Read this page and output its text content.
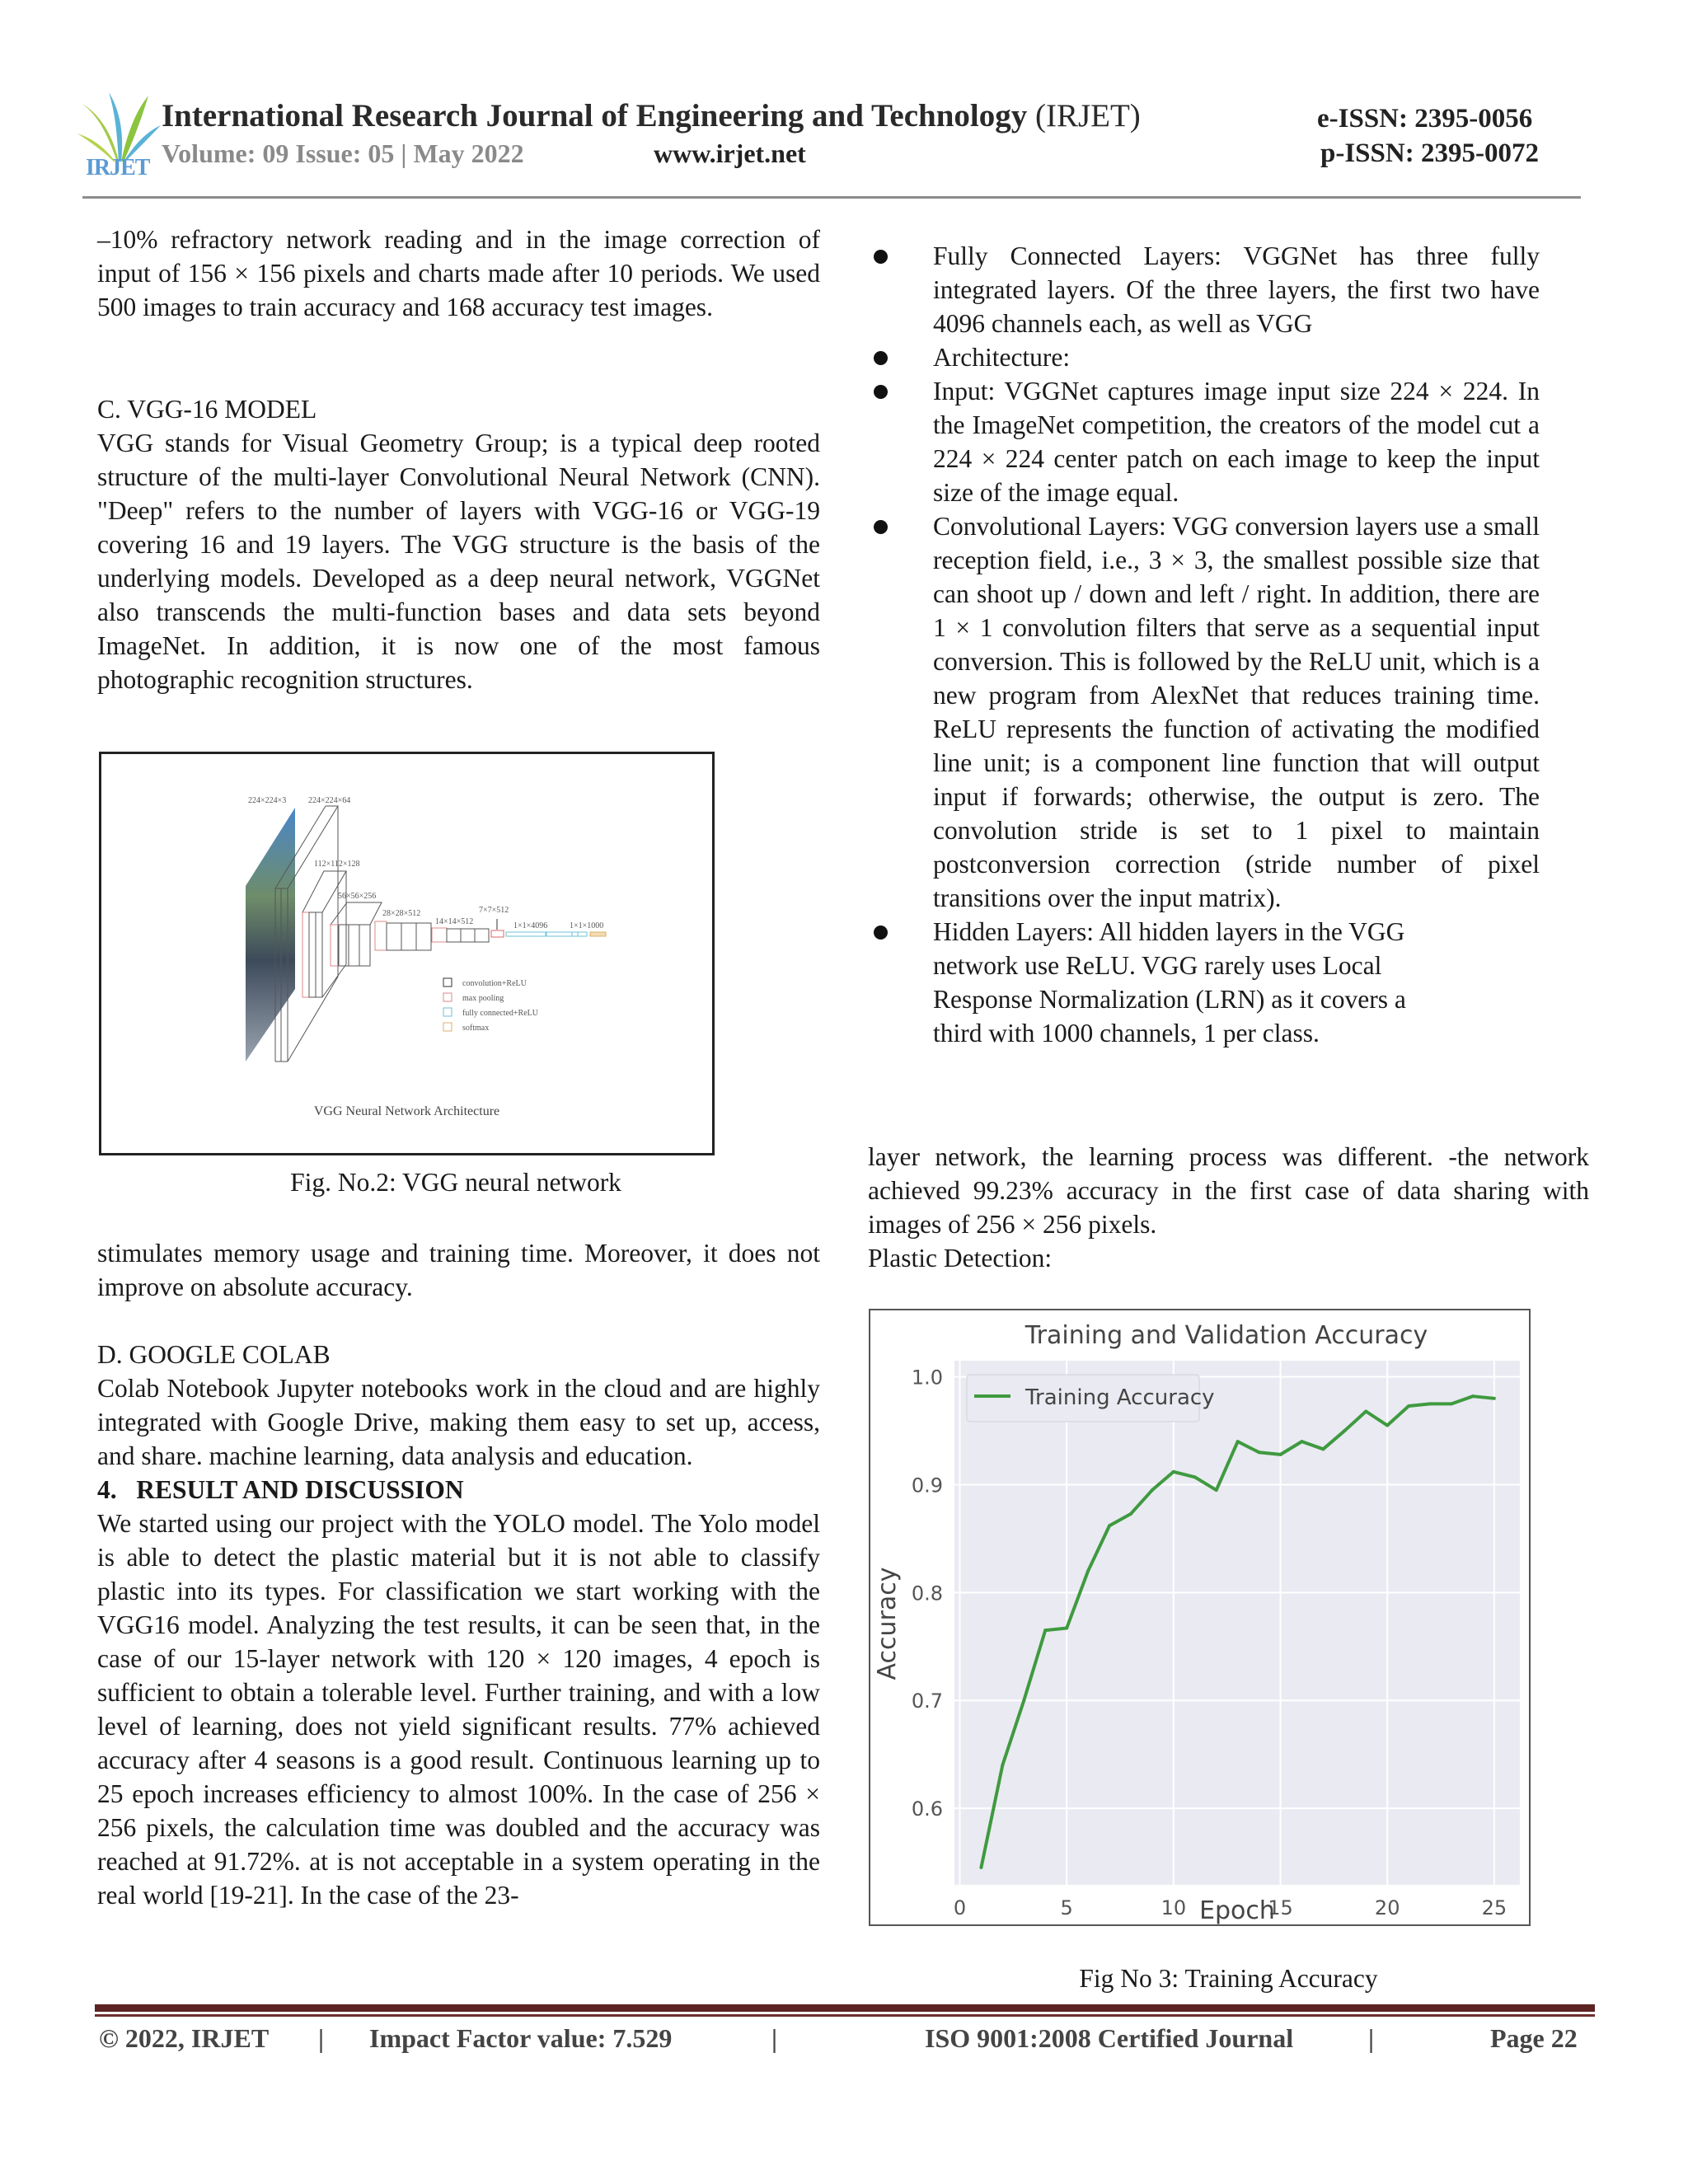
IRJET
International Research Journal of Engineering and Technology (IRJET)
Volume: 09 Issue: 05 | May 2022	www.irjet.net
e-ISSN: 2395-0056
p-ISSN: 2395-0072

–10% refractory network reading and in the image correction of input of 156 × 156 pixels and charts made after 10 periods. We used 500 images to train accuracy and 168 accuracy test images.

C. VGG-16 MODEL

VGG stands for Visual Geometry Group; is a typical deep rooted structure of the multi-layer Convolutional Neural Network (CNN). "Deep" refers to the number of layers with VGG-16 or VGG-19 covering 16 and 19 layers. The VGG structure is the basis of the underlying models. Developed as a deep neural network, VGGNet also transcends the multi-function bases and data sets beyond ImageNet. In addition, it is now one of the most famous photographic recognition structures.

224×224×3	224×224×64
112×112×128
56×56×256
28×28×512
14×14×512
7×7×512
1×1×4096	1×1×1000
convolution+ReLU
max pooling
fully connected+ReLU
softmax
VGG Neural Network Architecture
Fig. No.2: VGG neural network

stimulates memory usage and training time. Moreover, it does not improve on absolute accuracy.

D. GOOGLE COLAB

Colab Notebook Jupyter notebooks work in the cloud and are highly integrated with Google Drive, making them easy to set up, access, and share. machine learning, data analysis and education.

4.   RESULT AND DISCUSSION

We started using our project with the YOLO model. The Yolo model is able to detect the plastic material but it is not able to classify plastic into its types. For classification we start working with the VGG16 model. Analyzing the test results, it can be seen that, in the case of our 15-layer network with 120 × 120 images, 4 epoch is sufficient to obtain a tolerable level. Further training, and with a low level of learning, does not yield significant results. 77% achieved accuracy after 4 seasons is a good result. Continuous learning up to 25 epoch increases efficiency to almost 100%. In the case of 256 × 256 pixels, the calculation time was doubled and the accuracy was reached at 91.72%. at is not acceptable in a system operating in the real world [19-21]. In the case of the 23-

Fully Connected Layers: VGGNet has three fully integrated layers. Of the three layers, the first two have 4096 channels each, as well as VGG
Architecture:
Input: VGGNet captures image input size 224 × 224. In the ImageNet competition, the creators of the model cut a 224 × 224 center patch on each image to keep the input size of the image equal.
Convolutional Layers: VGG conversion layers use a small reception field, i.e., 3 × 3, the smallest possible size that can shoot up / down and left / right. In addition, there are 1 × 1 convolution filters that serve as a sequential input conversion. This is followed by the ReLU unit, which is a new program from AlexNet that reduces training time. ReLU represents the function of activating the modified line unit; is a component line function that will output input if forwards; otherwise, the output is zero. The convolution stride is set to 1 pixel to maintain postconversion correction (stride number of pixel transitions over the input matrix).
Hidden Layers: All hidden layers in the VGG network use ReLU. VGG rarely uses Local Response Normalization (LRN) as it covers a third with 1000 channels, 1 per class.

layer network, the learning process was different. -the network achieved 99.23% accuracy in the first case of data sharing with images of 256 × 256 pixels.

Plastic Detection:

0	5	10	15	20	25
0.6
0.7
0.8
0.9
1.0
Training and Validation Accuracy
Epoch
Accuracy
Training Accuracy
Fig No 3: Training Accuracy
© 2022, IRJET | Impact Factor value: 7.529	|	ISO 9001:2008 Certified Journal	|	Page 22
